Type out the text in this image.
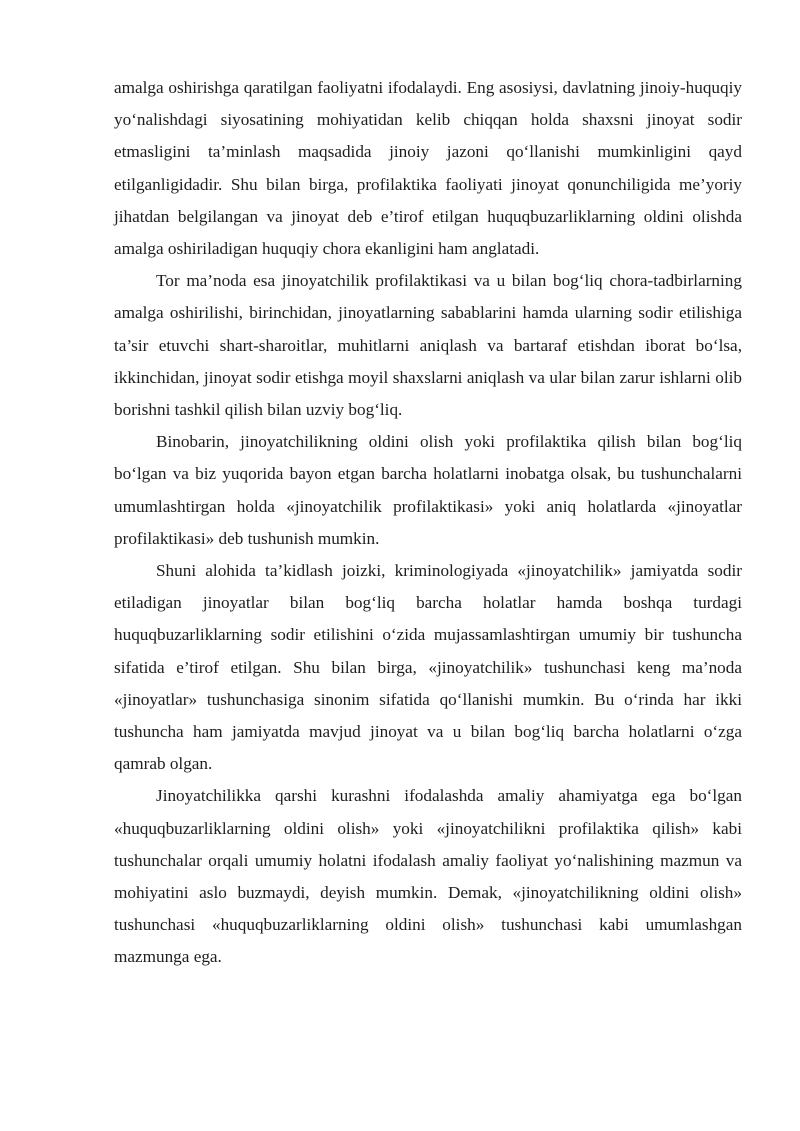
amalga oshirishga qaratilgan faoliyatni ifodalaydi. Eng asosiysi, davlatning jinoiy-huquqiy yo‘nalishdagi siyosatining mohiyatidan kelib chiqqan holda shaxsni jinoyat sodir etmasligini ta’minlash maqsadida jinoiy jazoni qo‘llanishi mumkinligini qayd etilganligidadir. Shu bilan birga, profilaktika faoliyati jinoyat qonunchiligida me’yoriy jihatdan belgilangan va jinoyat deb e’tirof etilgan huquqbuzarliklarning oldini olishda amalga oshiriladigan huquqiy chora ekanligini ham anglatadi.

Tor ma’noda esa jinoyatchilik profilaktikasi va u bilan bog‘liq chora-tadbirlarning amalga oshirilishi, birinchidan, jinoyatlarning sabablarini hamda ularning sodir etilishiga ta’sir etuvchi shart-sharoitlar, muhitlarni aniqlash va bartaraf etishdan iborat bo‘lsa, ikkinchidan, jinoyat sodir etishga moyil shaxslarni aniqlash va ular bilan zarur ishlarni olib borishni tashkil qilish bilan uzviy bog‘liq.

Binobarin, jinoyatchilikning oldini olish yoki profilaktika qilish bilan bog‘liq bo‘lgan va biz yuqorida bayon etgan barcha holatlarni inobatga olsak, bu tushunchalarni umumlashtirgan holda «jinoyatchilik profilaktikasi» yoki aniq holatlarda «jinoyatlar profilaktikasi» deb tushunish mumkin.

Shuni alohida ta’kidlash joizki, kriminologiyada «jinoyatchilik» jamiyatda sodir etiladigan jinoyatlar bilan bog‘liq barcha holatlar hamda boshqa turdagi huquqbuzarliklarning sodir etilishini o‘zida mujassamlashtirgan umumiy bir tushuncha sifatida e’tirof etilgan. Shu bilan birga, «jinoyatchilik» tushunchasi keng ma’noda «jinoyatlar» tushunchasiga sinonim sifatida qo‘llanishi mumkin. Bu o‘rinda har ikki tushuncha ham jamiyatda mavjud jinoyat va u bilan bog‘liq barcha holatlarni o‘zga qamrab olgan.

Jinoyatchilikka qarshi kurashni ifodalashda amaliy ahamiyatga ega bo‘lgan «huquqbuzarliklarning oldini olish» yoki «jinoyatchilikni profilaktika qilish» kabi tushunchalar orqali umumiy holatni ifodalash amaliy faoliyat yo‘nalishining mazmun va mohiyatini aslo buzmaydi, deyish mumkin. Demak, «jinoyatchilikning oldini olish» tushunchasi «huquqbuzarliklarning oldini olish» tushunchasi kabi umumlashgan mazmunga ega.
